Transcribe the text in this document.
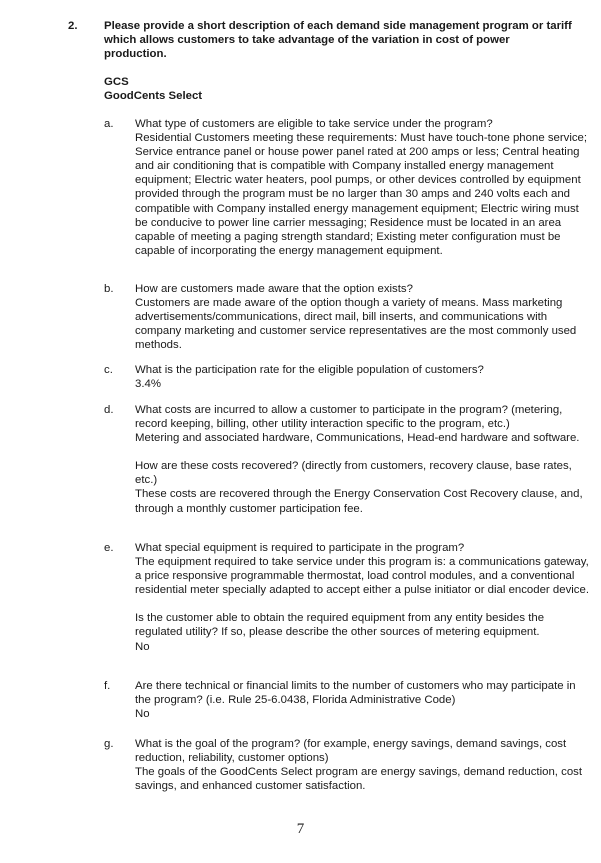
2. Please provide a short description of each demand side management program or tariff which allows customers to take advantage of the variation in cost of power production.
GCS
GoodCents Select
a. What type of customers are eligible to take service under the program?
Residential Customers meeting these requirements: Must have touch-tone phone service; Service entrance panel or house power panel rated at 200 amps or less; Central heating and air conditioning that is compatible with Company installed energy management equipment; Electric water heaters, pool pumps, or other devices controlled by equipment provided through the program must be no larger than 30 amps and 240 volts each and compatible with Company installed energy management equipment; Electric wiring must be conducive to power line carrier messaging; Residence must be located in an area capable of meeting a paging strength standard; Existing meter configuration must be capable of incorporating the energy management equipment.
b. How are customers made aware that the option exists?
Customers are made aware of the option though a variety of means. Mass marketing advertisements/communications, direct mail, bill inserts, and communications with company marketing and customer service representatives are the most commonly used methods.
c. What is the participation rate for the eligible population of customers?
3.4%
d. What costs are incurred to allow a customer to participate in the program? (metering, record keeping, billing, other utility interaction specific to the program, etc.)
Metering and associated hardware, Communications, Head-end hardware and software.
How are these costs recovered? (directly from customers, recovery clause, base rates, etc.)
These costs are recovered through the Energy Conservation Cost Recovery clause, and, through a monthly customer participation fee.
e. What special equipment is required to participate in the program?
The equipment required to take service under this program is: a communications gateway, a price responsive programmable thermostat, load control modules, and a conventional residential meter specially adapted to accept either a pulse initiator or dial encoder device.
Is the customer able to obtain the required equipment from any entity besides the regulated utility? If so, please describe the other sources of metering equipment.
No
f. Are there technical or financial limits to the number of customers who may participate in the program? (i.e. Rule 25-6.0438, Florida Administrative Code)
No
g. What is the goal of the program? (for example, energy savings, demand savings, cost reduction, reliability, customer options)
The goals of the GoodCents Select program are energy savings, demand reduction, cost savings, and enhanced customer satisfaction.
7
